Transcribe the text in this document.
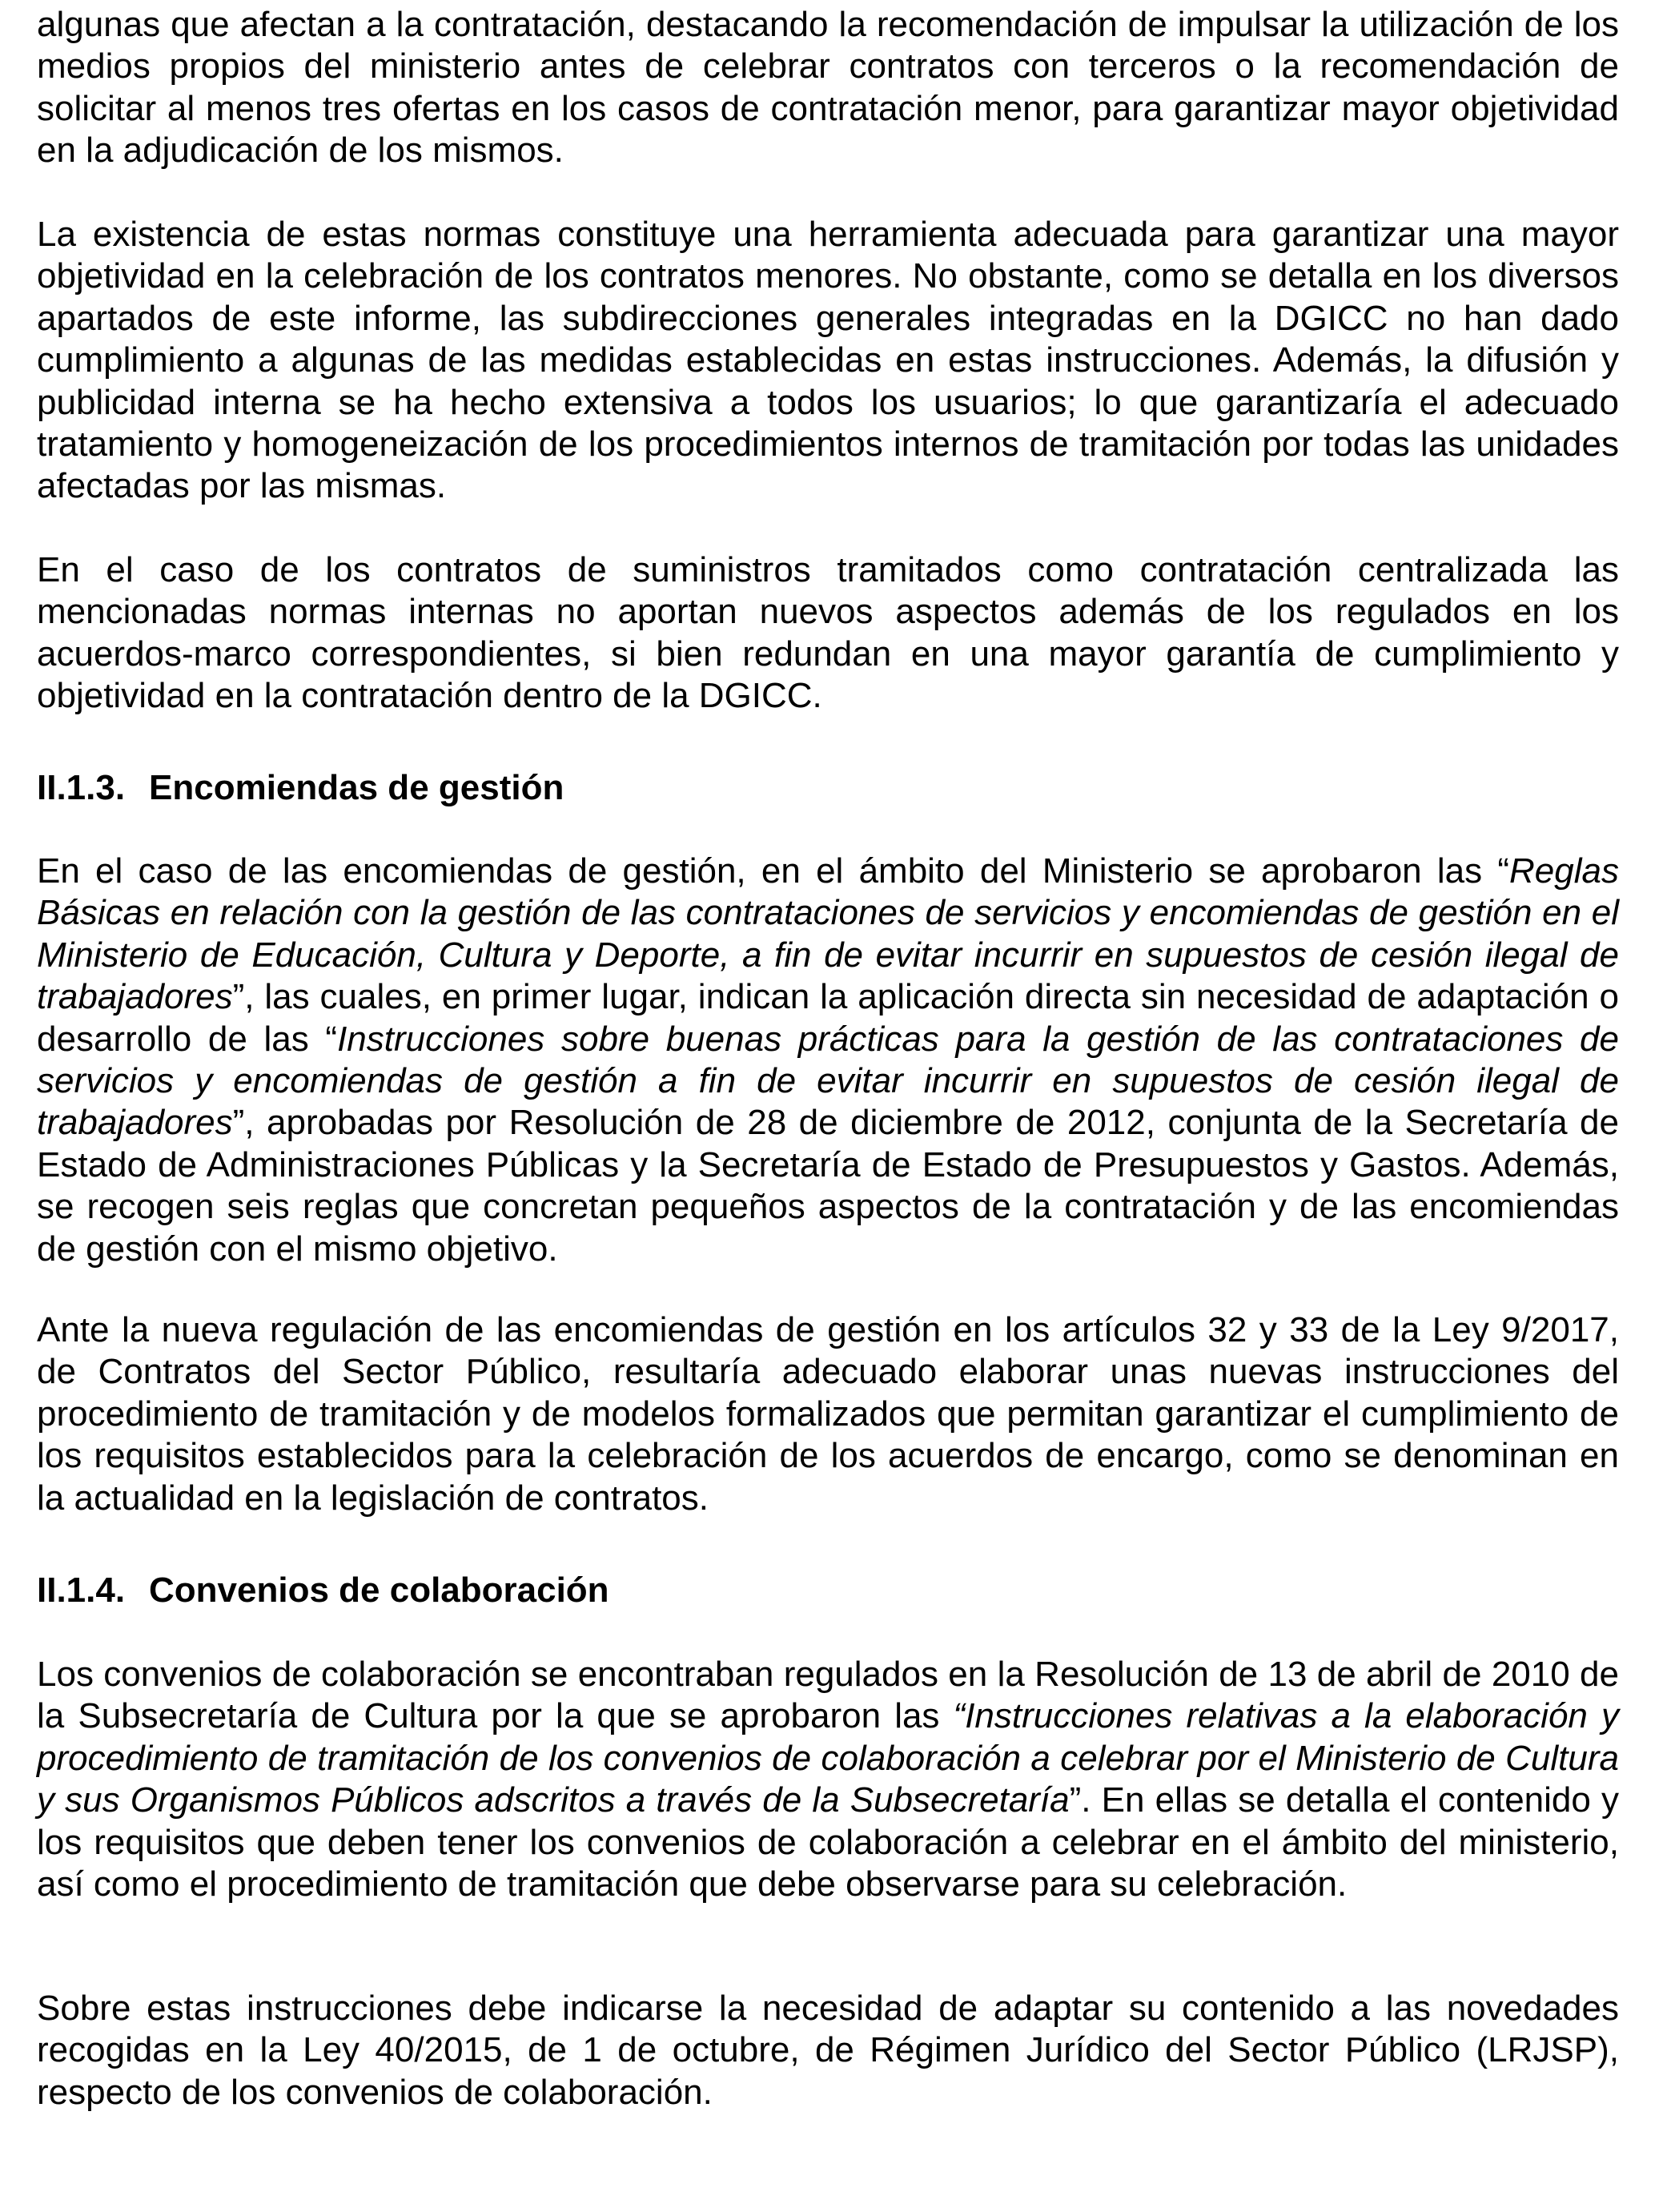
algunas que afectan a la contratación, destacando la recomendación de impulsar la utilización de los medios propios del ministerio antes de celebrar contratos con terceros o la recomendación de solicitar al menos tres ofertas en los casos de contratación menor, para garantizar mayor objetividad en la adjudicación de los mismos.

La existencia de estas normas constituye una herramienta adecuada para garantizar una mayor objetividad en la celebración de los contratos menores. No obstante, como se detalla en los diversos apartados de este informe, las subdirecciones generales integradas en la DGICC no han dado cumplimiento a algunas de las medidas establecidas en estas instrucciones. Además, la difusión y publicidad interna se ha hecho extensiva a todos los usuarios; lo que garantizaría el adecuado tratamiento y homogeneización de los procedimientos internos de tramitación por todas las unidades afectadas por las mismas.

En el caso de los contratos de suministros tramitados como contratación centralizada las mencionadas normas internas no aportan nuevos aspectos además de los regulados en los acuerdos-marco correspondientes, si bien redundan en una mayor garantía de cumplimiento y objetividad en la contratación dentro de la DGICC.

II.1.3. Encomiendas de gestión

En el caso de las encomiendas de gestión, en el ámbito del Ministerio se aprobaron las “Reglas Básicas en relación con la gestión de las contrataciones de servicios y encomiendas de gestión en el Ministerio de Educación, Cultura y Deporte, a fin de evitar incurrir en supuestos de cesión ilegal de trabajadores”, las cuales, en primer lugar, indican la aplicación directa sin necesidad de adaptación o desarrollo de las “Instrucciones sobre buenas prácticas para la gestión de las contrataciones de servicios y encomiendas de gestión a fin de evitar incurrir en supuestos de cesión ilegal de trabajadores”, aprobadas por Resolución de 28 de diciembre de 2012, conjunta de la Secretaría de Estado de Administraciones Públicas y la Secretaría de Estado de Presupuestos y Gastos. Además, se recogen seis reglas que concretan pequeños aspectos de la contratación y de las encomiendas de gestión con el mismo objetivo.

Ante la nueva regulación de las encomiendas de gestión en los artículos 32 y 33 de la Ley 9/2017, de Contratos del Sector Público, resultaría adecuado elaborar unas nuevas instrucciones del procedimiento de tramitación y de modelos formalizados que permitan garantizar el cumplimiento de los requisitos establecidos para la celebración de los acuerdos de encargo, como se denominan en la actualidad en la legislación de contratos.

II.1.4. Convenios de colaboración

Los convenios de colaboración se encontraban regulados en la Resolución de 13 de abril de 2010 de la Subsecretaría de Cultura por la que se aprobaron las “Instrucciones relativas a la elaboración y procedimiento de tramitación de los convenios de colaboración a celebrar por el Ministerio de Cultura y sus Organismos Públicos adscritos a través de la Subsecretaría”. En ellas se detalla el contenido y los requisitos que deben tener los convenios de colaboración a celebrar en el ámbito del ministerio, así como el procedimiento de tramitación que debe observarse para su celebración.

Sobre estas instrucciones debe indicarse la necesidad de adaptar su contenido a las novedades recogidas en la Ley 40/2015, de 1 de octubre, de Régimen Jurídico del Sector Público (LRJSP), respecto de los convenios de colaboración.
